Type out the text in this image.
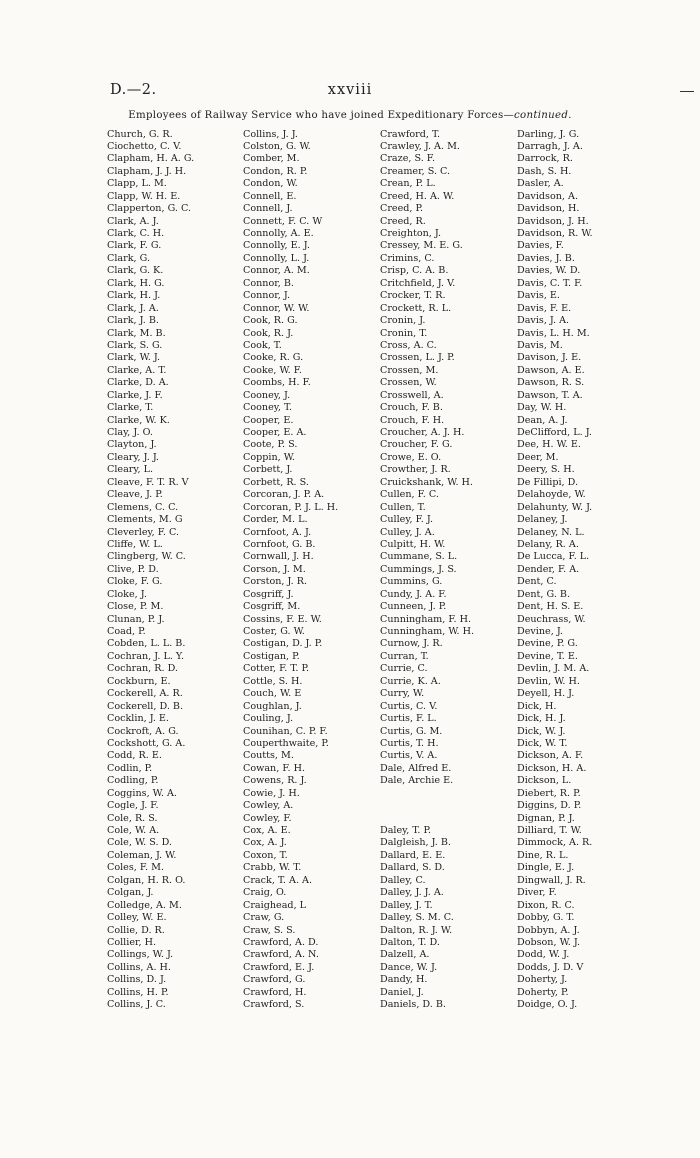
D.—2.	xxviii
Employees of Railway Service who have joined Expeditionary Forces—continued.
Church, G. R.
Ciochetto, C. V.
Clapham, H. A. G.
Clapham, J. J. H.
Clapp, L. M.
Clapp, W. H. E.
Clapperton, G. C.
Clark, A. J.
Clark, C. H.
Clark, F. G.
Clark, G.
Clark, G. K.
Clark, H. G.
Clark, H. J.
Clark, J. A.
Clark, J. B.
Clark, M. B.
Clark, S. G.
Clark, W. J.
Clarke, A. T.
Clarke, D. A.
Clarke, J. F.
Clarke, T.
Clarke, W. K.
Clay, J. O.
Clayton, J.
Cleary, J. J.
Cleary, L.
Cleave, F. T. R. V
Cleave, J. P.
Clemens, C. C.
Clements, M. G
Cleverley, F. C.
Cliffe, W. L.
Clingberg, W. C.
Clive, P. D.
Cloke, F. G.
Cloke, J.
Close, P. M.
Clunan, P. J.
Coad, P.
Cobden, L. L. B.
Cochran, J. L. Y.
Cochran, R. D.
Cockburn, E.
Cockerell, A. R.
Cockerell, D. B.
Cocklin, J. E.
Cockroft, A. G.
Cockshott, G. A.
Codd, R. E.
Codlin, P.
Codling, P.
Coggins, W. A.
Cogle, J. F.
Cole, R. S.
Cole, W. A.
Cole, W. S. D.
Coleman, J. W.
Coles, F. M.
Colgan, H. R. O.
Colgan, J.
Colledge, A. M.
Colley, W. E.
Collie, D. R.
Collier, H.
Collings, W. J.
Collins, A. H.
Collins, D. J.
Collins, H. P.
Collins, J. C.
Collins, J. J.
Colston, G. W.
Comber, M.
Condon, R. P.
Condon, W.
Connell, E.
Connell, J.
Connett, F. C. W
Connolly, A. E.
Connolly, E. J.
Connolly, L. J.
Connor, A. M.
Connor, B.
Connor, J.
Connor, W. W.
Cook, R. G.
Cook, R. J.
Cook, T.
Cooke, R. G.
Cooke, W. F.
Coombs, H. F.
Cooney, J.
Cooney, T.
Cooper, E.
Cooper, E. A.
Coote, P. S.
Coppin, W.
Corbett, J.
Corbett, R. S.
Corcoran, J. P. A.
Corcoran, P. J. L. H.
Corder, M. L.
Cornfoot, A. J.
Cornfoot, G. B.
Cornwall, J. H.
Corson, J. M.
Corston, J. R.
Cosgriff, J.
Cosgriff, M.
Cossins, F. E. W.
Coster, G. W.
Costigan, D. J. P.
Costigan, P.
Cotter, F. T. P.
Cottle, S. H.
Couch, W. E
Coughlan, J.
Couling, J.
Counihan, C. P. F.
Couperthwaite, P.
Coutts, M.
Cowan, F. H.
Cowens, R. J.
Cowie, J. H.
Cowley, A.
Cowley, F.
Cox, A. E.
Cox, A. J.
Coxon, T.
Crabb, W. T.
Crack, T. A. A.
Craig, O.
Craighead, L
Craw, G.
Craw, S. S.
Crawford, A. D.
Crawford, A. N.
Crawford, E. J.
Crawford, G.
Crawford, H.
Crawford, S.
Crawford, T.
Crawley, J. A. M.
Craze, S. F.
Creamer, S. C.
Crean, P. L.
Creed, H. A. W.
Creed, P.
Creed, R.
Creighton, J.
Cressey, M. E. G.
Crimins, C.
Crisp, C. A. B.
Critchfield, J. V.
Crocker, T. R.
Crockett, R. L.
Cronin, J.
Cronin, T.
Cross, A. C.
Crossen, L. J. P.
Crossen, M.
Crossen, W.
Crosswell, A.
Crouch, F. B.
Crouch, F. H.
Croucher, A. J. H.
Croucher, F. G.
Crowe, E. O.
Crowther, J. R.
Cruickshank, W. H.
Cullen, F. C.
Cullen, T.
Culley, F. J.
Culley, J. A.
Culpitt, H. W.
Cummane, S. L.
Cummings, J. S.
Cummins, G.
Cundy, J. A. F.
Cunneen, J. P.
Cunningham, F. H.
Cunningham, W. H.
Curnow, J. R.
Curran, T.
Currie, C.
Currie, K. A.
Curry, W.
Curtis, C. V.
Curtis, F. L.
Curtis, G. M.
Curtis, T. H.
Curtis, V. A.
Dale, Alfred E.
Dale, Archie E.
Daley, T. P.
Dalgleish, J. B.
Dallard, E. E.
Dallard, S. D.
Dalley, C.
Dalley, J. J. A.
Dalley, J. T.
Dalley, S. M. C.
Dalton, R. J. W.
Dalton, T. D.
Dalzell, A.
Dance, W. J.
Dandy, H.
Daniel, J.
Daniels, D. B.
Darling, J. G.
Darragh, J. A.
Darrock, R.
Dash, S. H.
Dasler, A.
Davidson, A.
Davidson, H.
Davidson, J. H.
Davidson, R. W.
Davies, F.
Davies, J. B.
Davies, W. D.
Davis, C. T. F.
Davis, E.
Davis, F. E.
Davis, J. A.
Davis, L. H. M.
Davis, M.
Davison, J. E.
Dawson, A. E.
Dawson, R. S.
Dawson, T. A.
Day, W. H.
Dean, A. J.
DeClifford, L. J.
Dee, H. W. E.
Deer, M.
Deery, S. H.
De Fillipi, D.
Delahoyde, W.
Delahunty, W. J.
Delaney, J.
Delaney, N. L.
Delany, R. A.
De Lucca, F. L.
Dender, F. A.
Dent, C.
Dent, G. B.
Dent, H. S. E.
Deuchrass, W.
Devine, J.
Devine, P. G.
Devine, T. E.
Devlin, J. M. A.
Devlin, W. H.
Deyell, H. J.
Dick, H.
Dick, H. J.
Dick, W. J.
Dick, W. T.
Dickson, A. F.
Dickson, H. A.
Dickson, L.
Diebert, R. P.
Diggins, D. P.
Dignan, P. J.
Dilliard, T. W.
Dimmock, A. R.
Dine, R. L.
Dingle, E. J.
Dingwall, J. R.
Diver, F.
Dixon, R. C.
Dobby, G. T.
Dobbyn, A. J.
Dobson, W. J.
Dodd, W. J.
Dodds, J. D. V
Doherty, J.
Doherty, P.
Doidge, O. J.
